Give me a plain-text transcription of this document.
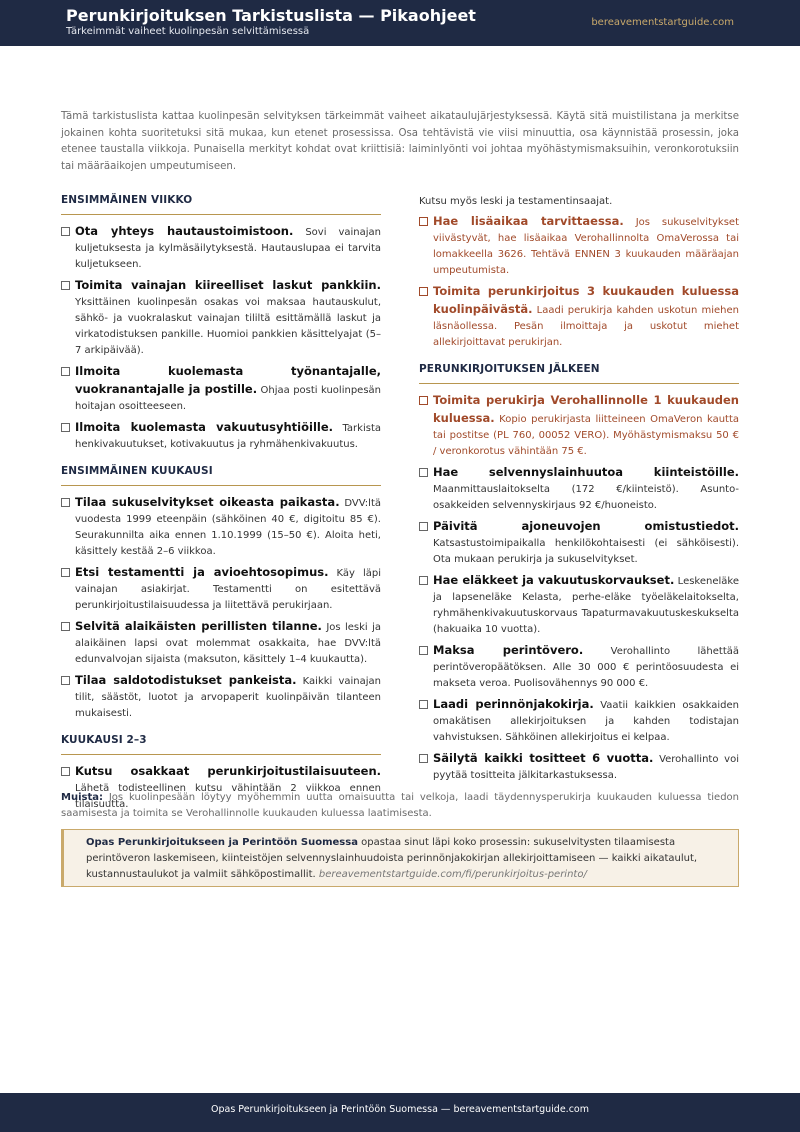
Perunkirjoituksen Tarkistuslista — Pikaohjeet
Tärkeimmät vaiheet kuolinpesän selvittämisessä
bereavementstartguide.com

Tämä tarkistuslista kattaa kuolinpesän selvityksen tärkeimmät vaiheet aikataulujärjestyksessä. Käytä sitä muistilistana ja merkitse jokainen kohta suoritetuksi sitä mukaa, kun etenet prosessissa. Osa tehtävistä vie viisi minuuttia, osa käynnistää prosessin, joka etenee taustalla viikkoja. Punaisella merkityt kohdat ovat kriittisiä: laiminlyönti voi johtaa myöhästymismaksuihin, veronkorotuksiin tai määräaikojen umpeutumiseen.

ENSIMMÄINEN VIIKKO
Ota yhteys hautaustoimistoon. Sovi vainajan kuljetuksesta ja kylmäsäilytyksestä. Hautauslupaa ei tarvita kuljetukseen.
Toimita vainajan kiireelliset laskut pankkiin. Yksittäinen kuolinpesän osakas voi maksaa hautauskulut, sähkö- ja vuokralaskut vainajan tililtä esittämällä laskut ja virkatodistuksen pankille. Huomioi pankkien käsittelyajat (5–7 arkipäivää).
Ilmoita kuolemasta työnantajalle, vuokranantajalle ja postille. Ohjaa posti kuolinpesän hoitajan osoitteeseen.
Ilmoita kuolemasta vakuutusyhtiöille. Tarkista henkivakuutukset, kotivakuutus ja ryhmähenkivakuutus.
ENSIMMÄINEN KUUKAUSI
Tilaa sukuselvitykset oikeasta paikasta. DVV:ltä vuodesta 1999 eteenpäin (sähköinen 40 €, digitoitu 85 €). Seurakunnilta aika ennen 1.10.1999 (15–50 €). Aloita heti, käsittely kestää 2–6 viikkoa.
Etsi testamentti ja avioehtosopimus. Käy läpi vainajan asiakirjat. Testamentti on esitettävä perunkirjoitustilaisuudessa ja liitettävä perukirjaan.
Selvitä alaikäisten perillisten tilanne. Jos leski ja alaikäinen lapsi ovat molemmat osakkaita, hae DVV:ltä edunvalvojan sijaista (maksuton, käsittely 1–4 kuukautta).
Tilaa saldotodistukset pankeista. Kaikki vainajan tilit, säästöt, luotot ja arvopaperit kuolinpäivän tilanteen mukaisesti.
KUUKAUSI 2–3
Kutsu osakkaat perunkirjoitustilaisuuteen. Lähetä todisteellinen kutsu vähintään 2 viikkoa ennen tilaisuutta.

Kutsu myös leski ja testamentinsaajat.

Hae lisäaikaa tarvittaessa. Jos sukuselvitykset viivästyvät, hae lisäaikaa Verohallinnolta OmaVerossa tai lomakkeella 3626. Tehtävä ENNEN 3 kuukauden määräajan umpeutumista.
Toimita perunkirjoitus 3 kuukauden kuluessa kuolinpäivästä. Laadi perukirja kahden uskotun miehen läsnäollessa. Pesän ilmoittaja ja uskotut miehet allekirjoittavat perukirjan.
PERUNKIRJOITUKSEN JÄLKEEN
Toimita perukirja Verohallinnolle 1 kuukauden kuluessa. Kopio perukirjasta liitteineen OmaVeron kautta tai postitse (PL 760, 00052 VERO). Myöhästymismaksu 50 € / veronkorotus vähintään 75 €.
Hae selvennyslainhuutoa kiinteistöille. Maanmittauslaitokselta (172 €/kiinteistö). Asunto-osakkeiden selvennyskirjaus 92 €/huoneisto.
Päivitä ajoneuvojen omistustiedot. Katsastustoimipaikalla henkilökohtaisesti (ei sähköisesti). Ota mukaan perukirja ja sukuselvitykset.
Hae eläkkeet ja vakuutuskorvaukset. Leskeneläke ja lapseneläke Kelasta, perhe-eläke työeläkelaitokselta, ryhmähenkivakuutuskorvaus Tapaturmavakuutuskeskukselta (hakuaika 10 vuotta).
Maksa perintövero.	Verohallinto lähettää perintöveropäätöksen. Alle 30 000 € perintöosuudesta ei makseta veroa. Puolisovähennys 90 000 €.
Laadi perinnönjakokirja. Vaatii kaikkien osakkaiden omakätisen allekirjoituksen ja kahden todistajan vahvistuksen. Sähköinen allekirjoitus ei kelpaa.
Säilytä kaikki tositteet 6 vuotta. Verohallinto voi pyytää tositteita jälkitarkastuksessa.

Muista: Jos kuolinpesään löytyy myöhemmin uutta omaisuutta tai velkoja, laadi täydennysperukirja kuukauden kuluessa tiedon saamisesta ja toimita se Verohallinnolle kuukauden kuluessa laatimisesta.

Opas Perunkirjoitukseen ja Perintöön Suomessa opastaa sinut läpi koko prosessin: sukuselvitysten tilaamisesta perintöveron laskemiseen, kiinteistöjen selvennyslainhuudoista perinnönjakokirjan allekirjoittamiseen — kaikki aikataulut, kustannustaulukot ja valmiit sähköpostimallit. bereavementstartguide.com/fi/perunkirjoitus-perinto/
Opas Perunkirjoitukseen ja Perintöön Suomessa — bereavementstartguide.com
